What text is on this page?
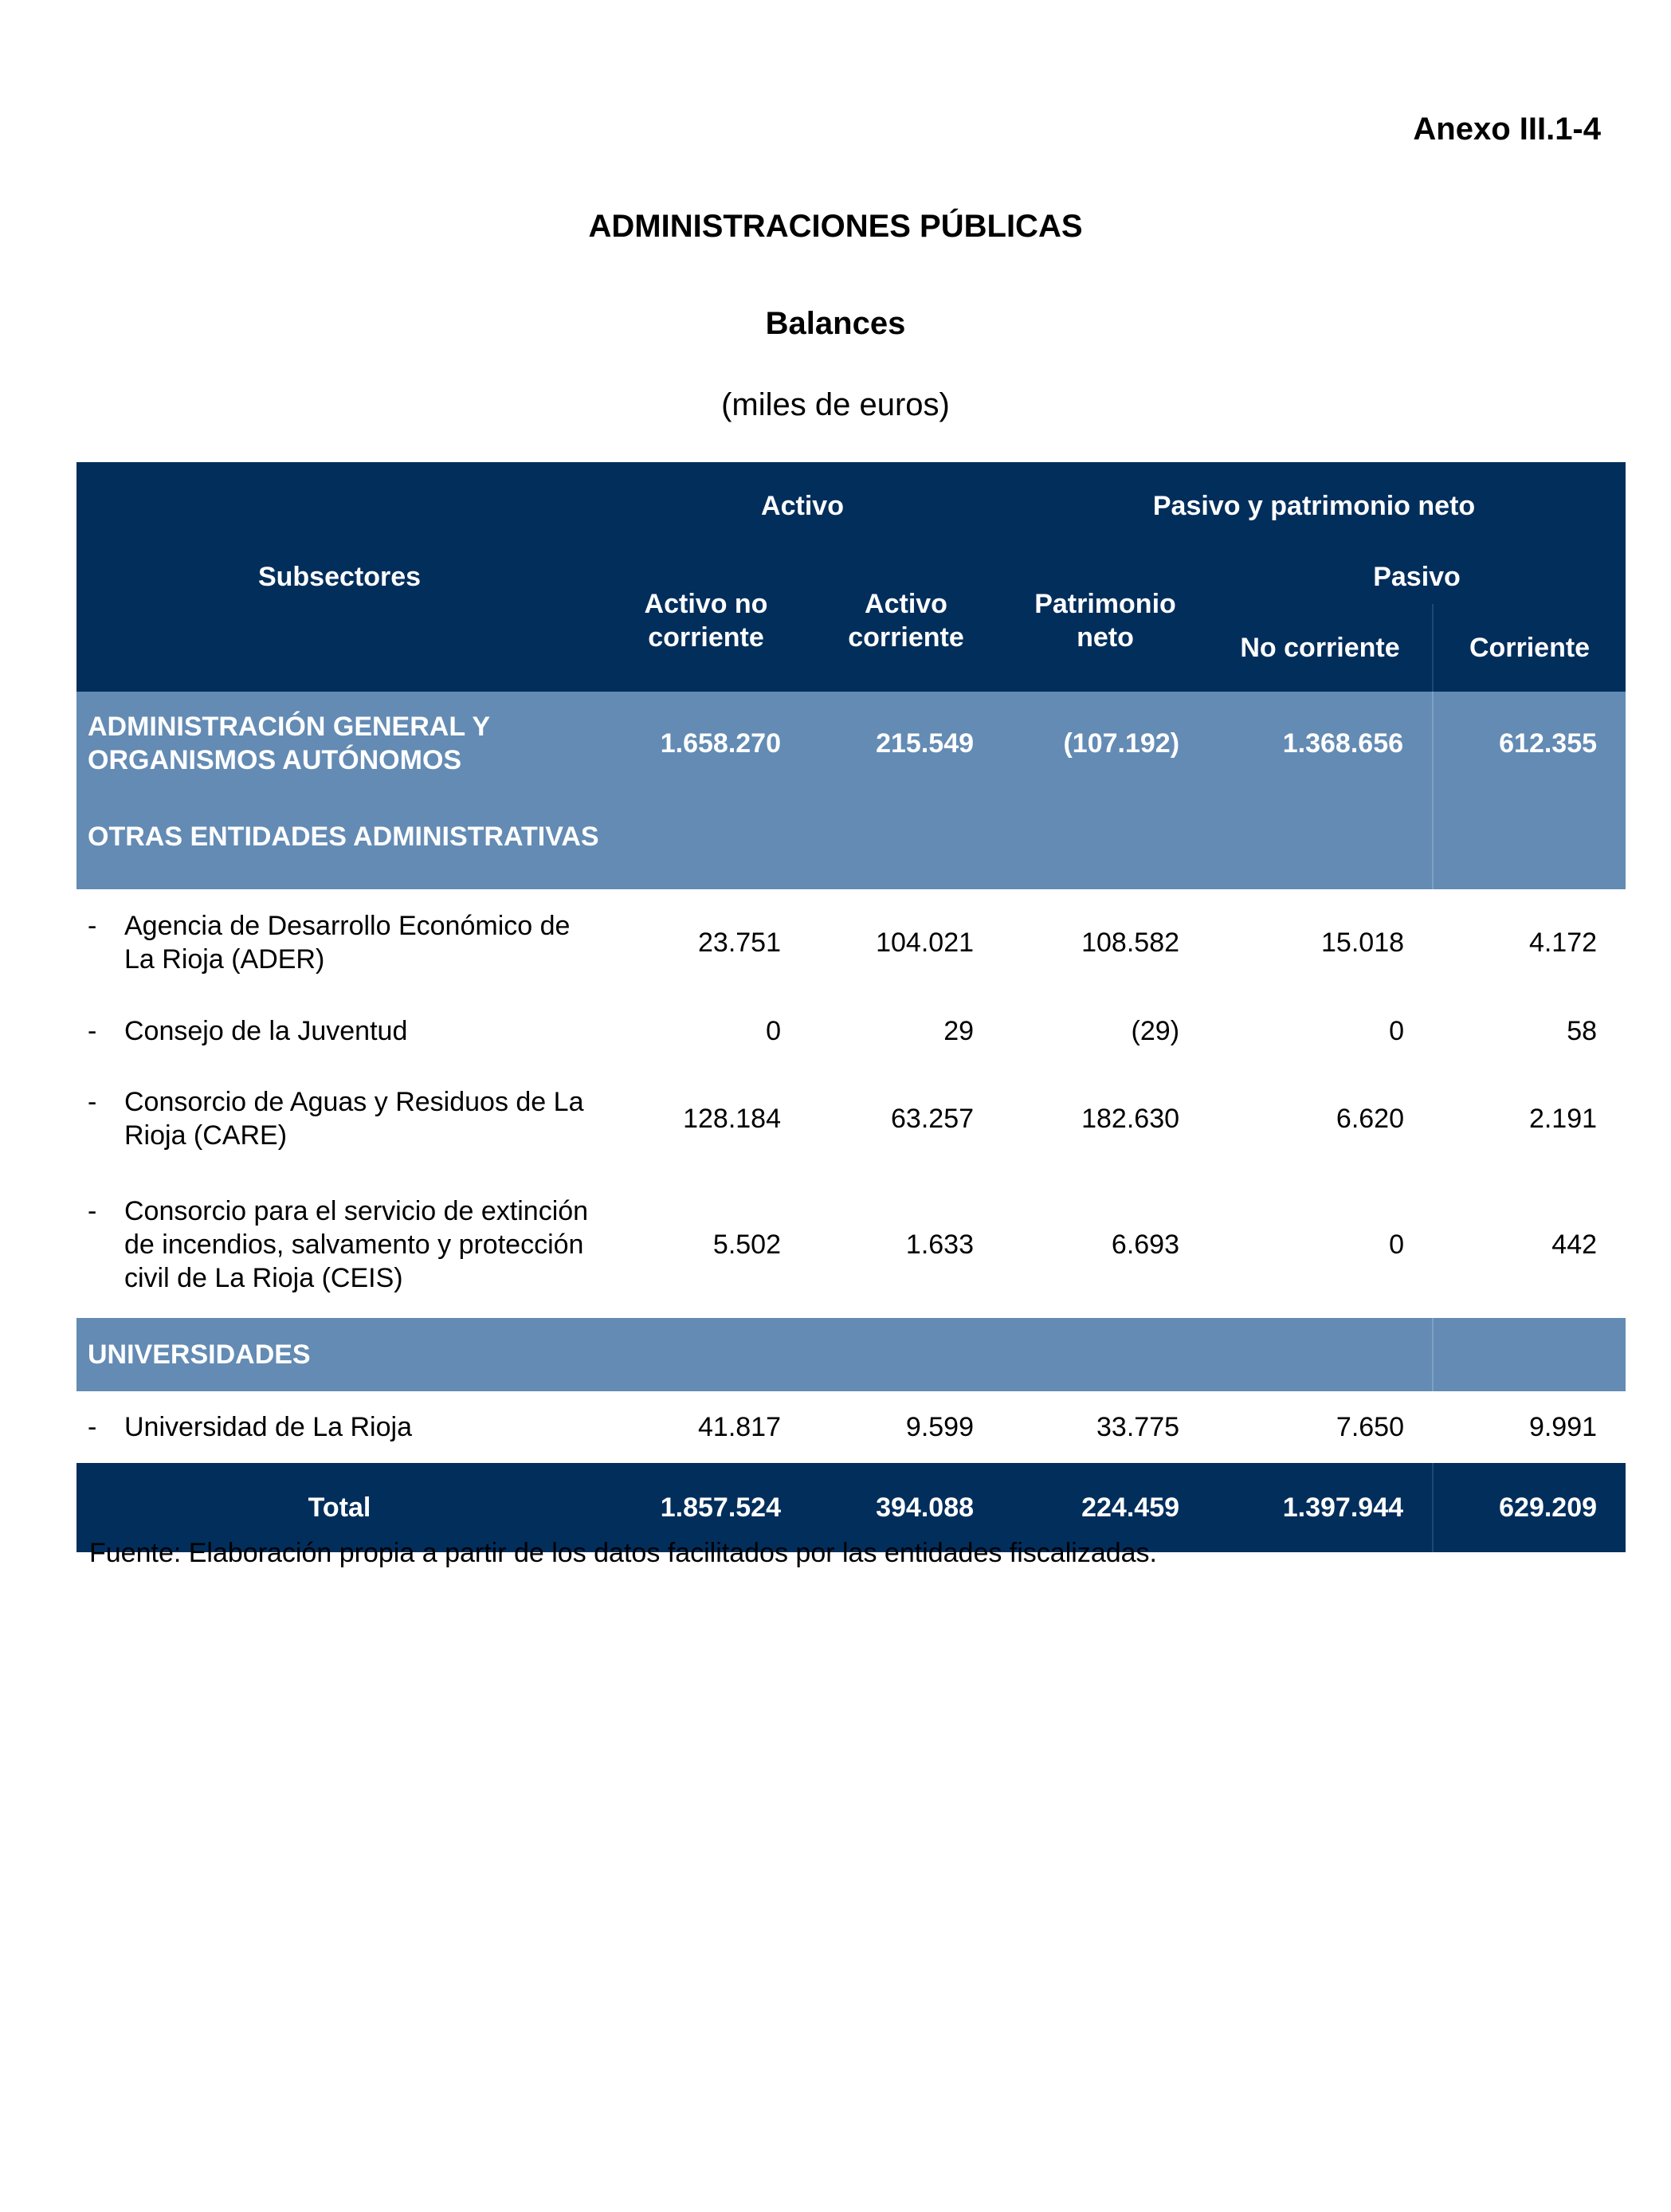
Anexo III.1-4
ADMINISTRACIONES PÚBLICAS
Balances
(miles de euros)
Subsectores	Activo		Pasivo y patrimonio neto		

	Activo no corriente	Activo corriente	Patrimonio neto	Pasivo	
				No corriente	Corriente
ADMINISTRACIÓN GENERAL Y ORGANISMOS AUTÓNOMOS	1.658.270	215.549	(107.192)	1.368.656	612.355
OTRAS ENTIDADES ADMINISTRATIVAS					
- Agencia de Desarrollo Económico de La Rioja (ADER)	23.751	104.021	108.582	15.018	4.172
- Consejo de la Juventud	0	29	(29)	0	58
- Consorcio de Aguas y Residuos de La Rioja (CARE)	128.184	63.257	182.630	6.620	2.191
- Consorcio para el servicio de extinción de incendios, salvamento y protección civil de La Rioja (CEIS)	5.502	1.633	6.693	0	442
UNIVERSIDADES					
- Universidad de La Rioja	41.817	9.599	33.775	7.650	9.991
Total	1.857.524	394.088	224.459	1.397.944	629.209
Fuente: Elaboración propia a partir de los datos facilitados por las entidades fiscalizadas.
